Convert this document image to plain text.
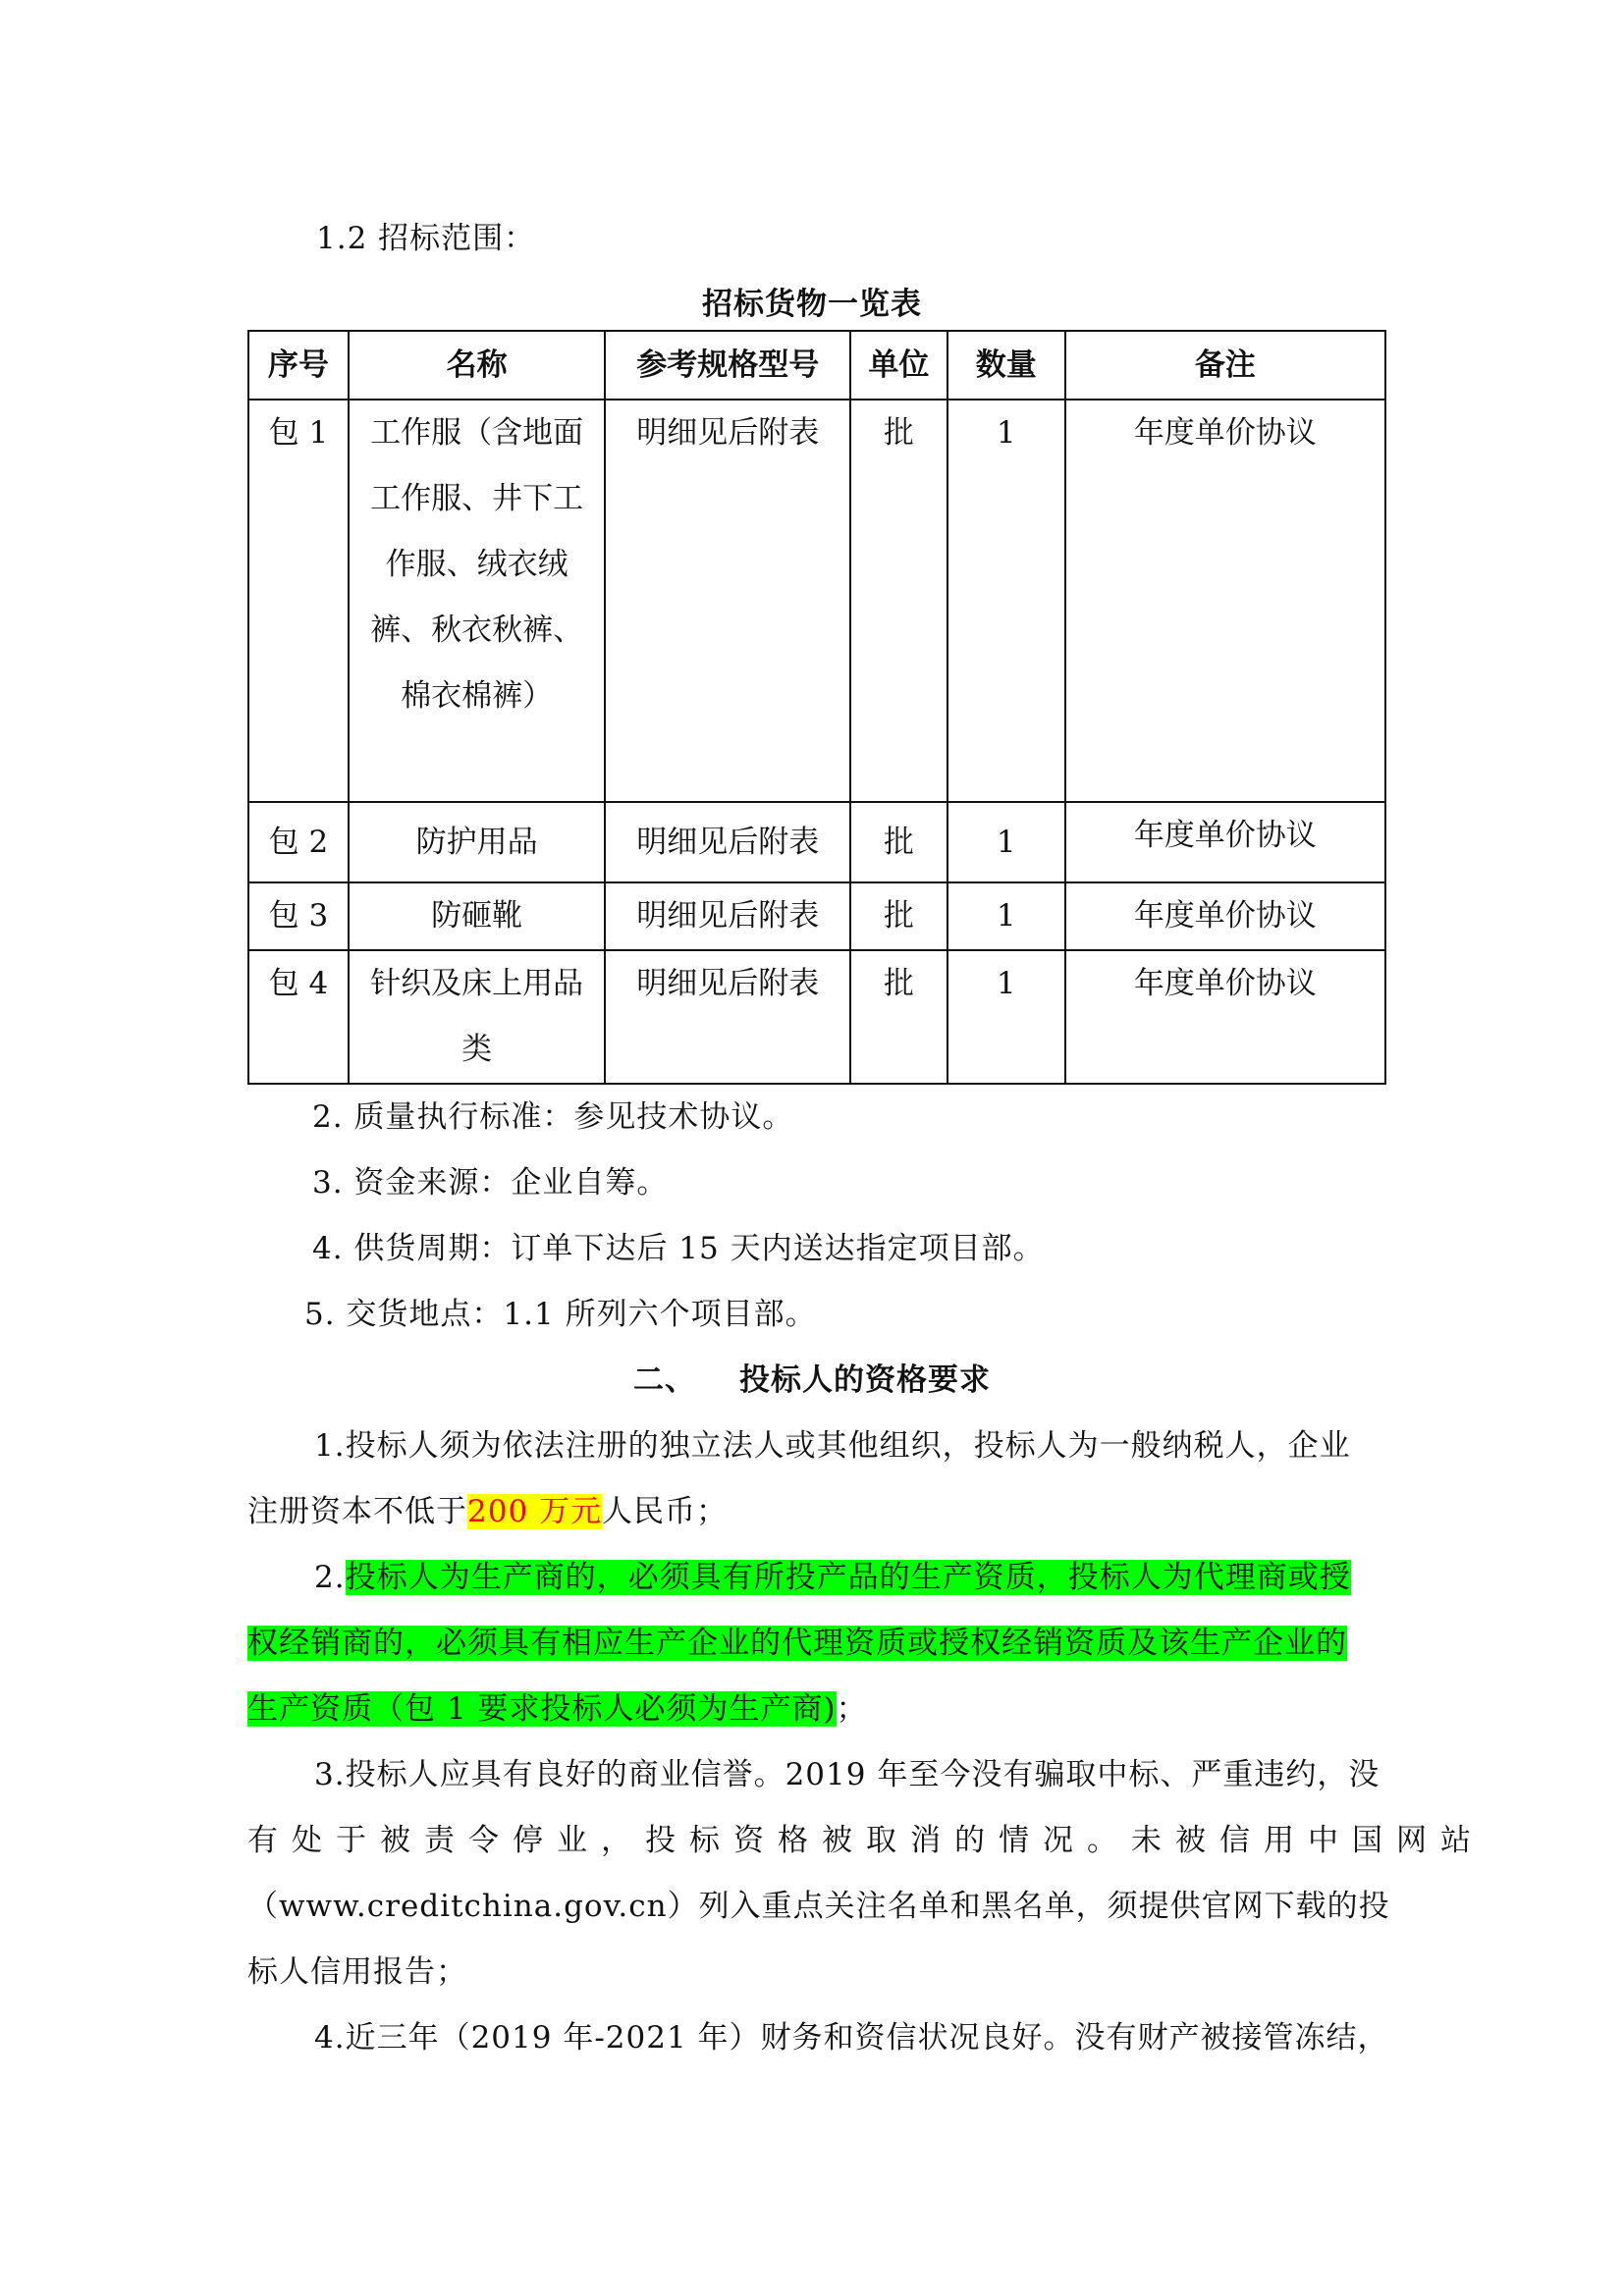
1.2 招标范围：
招标货物一览表
序号	名称	参考规格型号	单位	数量	备注
包 1	工作服（含地面工作服、井下工作服、绒衣绒裤、秋衣秋裤、棉衣棉裤）	明细见后附表	批	1	年度单价协议
包 2	防护用品	明细见后附表	批	1	年度单价协议
包 3	防砸靴	明细见后附表	批	1	年度单价协议
包 4	针织及床上用品类	明细见后附表	批	1	年度单价协议
2. 质量执行标准：参见技术协议。
3. 资金来源：企业自筹。
4. 供货周期：订单下达后 15 天内送达指定项目部。
5. 交货地点：1.1 所列六个项目部。
二、 投标人的资格要求
1.投标人须为依法注册的独立法人或其他组织，投标人为一般纳税人，企业
注册资本不低于200 万元人民币；
2.投标人为生产商的，必须具有所投产品的生产资质，投标人为代理商或授
权经销商的，必须具有相应生产企业的代理资质或授权经销资质及该生产企业的
生产资质（包 1 要求投标人必须为生产商)；
3.投标人应具有良好的商业信誉。2019 年至今没有骗取中标、严重违约，没
有处于被责令停业，投标资格被取消的情况。未被信用中国网站
（www.creditchina.gov.cn）列入重点关注名单和黑名单，须提供官网下载的投
标人信用报告；
4.近三年（2019 年-2021 年）财务和资信状况良好。没有财产被接管冻结，
